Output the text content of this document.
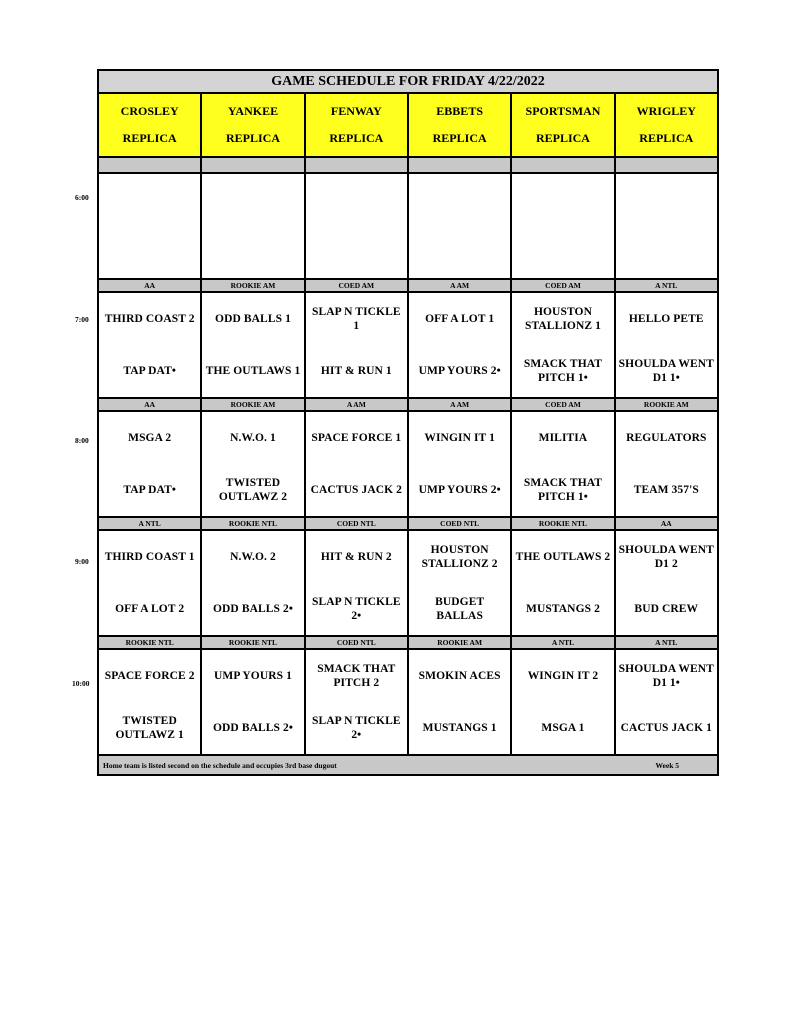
6:00
7:00
8:00
9:00
10:00
GAME SCHEDULE FOR FRIDAY 4/22/2022
CROSLEY
REPLICA
YANKEE
REPLICA
FENWAY
REPLICA
EBBETS
REPLICA
SPORTSMAN
REPLICA
WRIGLEY
REPLICA
AA
THIRD COAST 2
TAP DAT•
ROOKIE AM
ODD BALLS 1
THE OUTLAWS 1
COED AM
SLAP N TICKLE 1
HIT & RUN 1
A AM
OFF A LOT 1
UMP YOURS 2•
COED AM
HOUSTON STALLIONZ 1
SMACK THAT PITCH 1•
A NTL
HELLO PETE
SHOULDA WENT D1 1•
AA
MSGA 2
TAP DAT•
ROOKIE AM
N.W.O. 1
TWISTED OUTLAWZ 2
A AM
SPACE FORCE 1
CACTUS JACK 2
A AM
WINGIN IT 1
UMP YOURS 2•
COED AM
MILITIA
SMACK THAT PITCH 1•
ROOKIE AM
REGULATORS
TEAM 357'S
A NTL
THIRD COAST 1
OFF A LOT 2
ROOKIE NTL
N.W.O. 2
ODD BALLS 2•
COED NTL
HIT & RUN 2
SLAP N TICKLE 2•
COED NTL
HOUSTON STALLIONZ 2
BUDGET BALLAS
ROOKIE NTL
THE OUTLAWS 2
MUSTANGS 2
AA
SHOULDA WENT D1 2
BUD CREW
ROOKIE NTL
SPACE FORCE 2
TWISTED OUTLAWZ 1
ROOKIE NTL
UMP YOURS 1
ODD BALLS 2•
COED NTL
SMACK THAT PITCH 2
SLAP N TICKLE 2•
ROOKIE AM
SMOKIN ACES
MUSTANGS 1
A NTL
WINGIN IT 2
MSGA 1
A NTL
SHOULDA WENT D1 1•
CACTUS JACK 1
Home team is listed second on the schedule and occupies 3rd base dugout	Week 5
